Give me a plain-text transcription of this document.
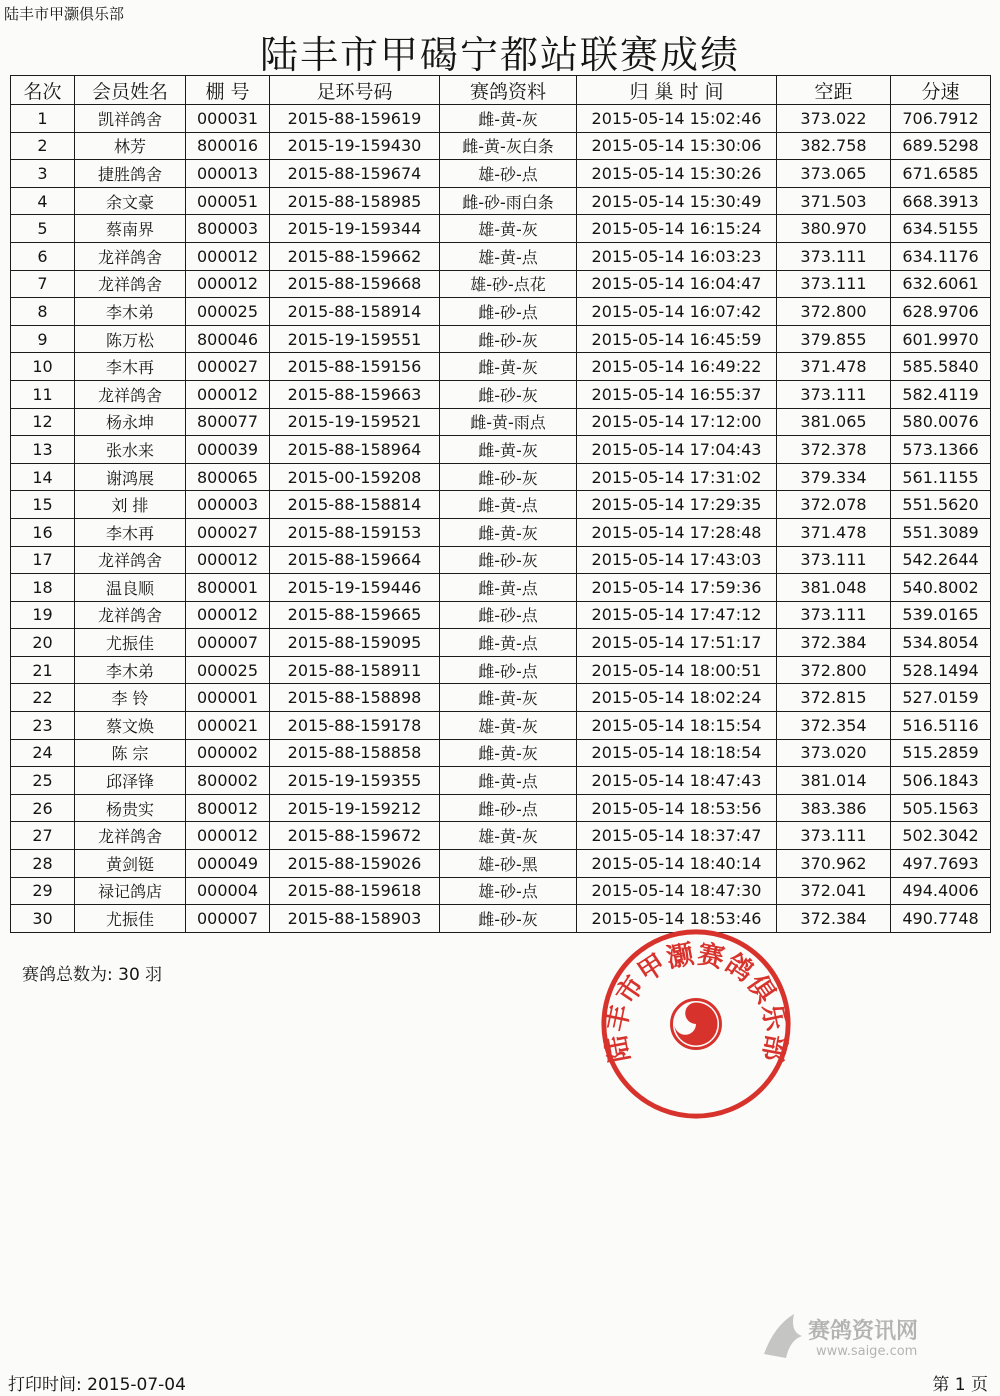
陆丰市甲灏俱乐部
陆丰市甲碣宁都站联赛成绩
名次	会员姓名	棚 号	足环号码	赛鸽资料	归 巢 时 间	空距	分速
1	凯祥鸽舍	000031	2015-88-159619	雌-黄-灰	2015-05-14 15:02:46	373.022	706.7912
2	林芳	800016	2015-19-159430	雌-黄-灰白条	2015-05-14 15:30:06	382.758	689.5298
3	捷胜鸽舍	000013	2015-88-159674	雄-砂-点	2015-05-14 15:30:26	373.065	671.6585
4	余文豪	000051	2015-88-158985	雌-砂-雨白条	2015-05-14 15:30:49	371.503	668.3913
5	蔡南界	800003	2015-19-159344	雄-黄-灰	2015-05-14 16:15:24	380.970	634.5155
6	龙祥鸽舍	000012	2015-88-159662	雄-黄-点	2015-05-14 16:03:23	373.111	634.1176
7	龙祥鸽舍	000012	2015-88-159668	雄-砂-点花	2015-05-14 16:04:47	373.111	632.6061
8	李木弟	000025	2015-88-158914	雌-砂-点	2015-05-14 16:07:42	372.800	628.9706
9	陈万松	800046	2015-19-159551	雌-砂-灰	2015-05-14 16:45:59	379.855	601.9970
10	李木再	000027	2015-88-159156	雌-黄-灰	2015-05-14 16:49:22	371.478	585.5840
11	龙祥鸽舍	000012	2015-88-159663	雌-砂-灰	2015-05-14 16:55:37	373.111	582.4119
12	杨永坤	800077	2015-19-159521	雌-黄-雨点	2015-05-14 17:12:00	381.065	580.0076
13	张水来	000039	2015-88-158964	雌-黄-灰	2015-05-14 17:04:43	372.378	573.1366
14	谢鸿展	800065	2015-00-159208	雌-砂-灰	2015-05-14 17:31:02	379.334	561.1155
15	刘 排	000003	2015-88-158814	雌-黄-点	2015-05-14 17:29:35	372.078	551.5620
16	李木再	000027	2015-88-159153	雌-黄-灰	2015-05-14 17:28:48	371.478	551.3089
17	龙祥鸽舍	000012	2015-88-159664	雌-砂-灰	2015-05-14 17:43:03	373.111	542.2644
18	温良顺	800001	2015-19-159446	雌-黄-点	2015-05-14 17:59:36	381.048	540.8002
19	龙祥鸽舍	000012	2015-88-159665	雌-砂-点	2015-05-14 17:47:12	373.111	539.0165
20	尤振佳	000007	2015-88-159095	雌-黄-点	2015-05-14 17:51:17	372.384	534.8054
21	李木弟	000025	2015-88-158911	雌-砂-点	2015-05-14 18:00:51	372.800	528.1494
22	李 铃	000001	2015-88-158898	雌-黄-灰	2015-05-14 18:02:24	372.815	527.0159
23	蔡文焕	000021	2015-88-159178	雄-黄-灰	2015-05-14 18:15:54	372.354	516.5116
24	陈 宗	000002	2015-88-158858	雌-黄-灰	2015-05-14 18:18:54	373.020	515.2859
25	邱泽锋	800002	2015-19-159355	雌-黄-点	2015-05-14 18:47:43	381.014	506.1843
26	杨贵实	800012	2015-19-159212	雌-砂-点	2015-05-14 18:53:56	383.386	505.1563
27	龙祥鸽舍	000012	2015-88-159672	雄-黄-灰	2015-05-14 18:37:47	373.111	502.3042
28	黄剑铤	000049	2015-88-159026	雄-砂-黑	2015-05-14 18:40:14	370.962	497.7693
29	禄记鸽店	000004	2015-88-159618	雄-砂-点	2015-05-14 18:47:30	372.041	494.4006
30	尤振佳	000007	2015-88-158903	雌-砂-灰	2015-05-14 18:53:46	372.384	490.7748
赛鸽总数为: 30 羽
陆丰市甲灏赛鸽俱乐部
赛鸽资讯网
www.saige.com
打印时间: 2015-07-04	第 1 页
